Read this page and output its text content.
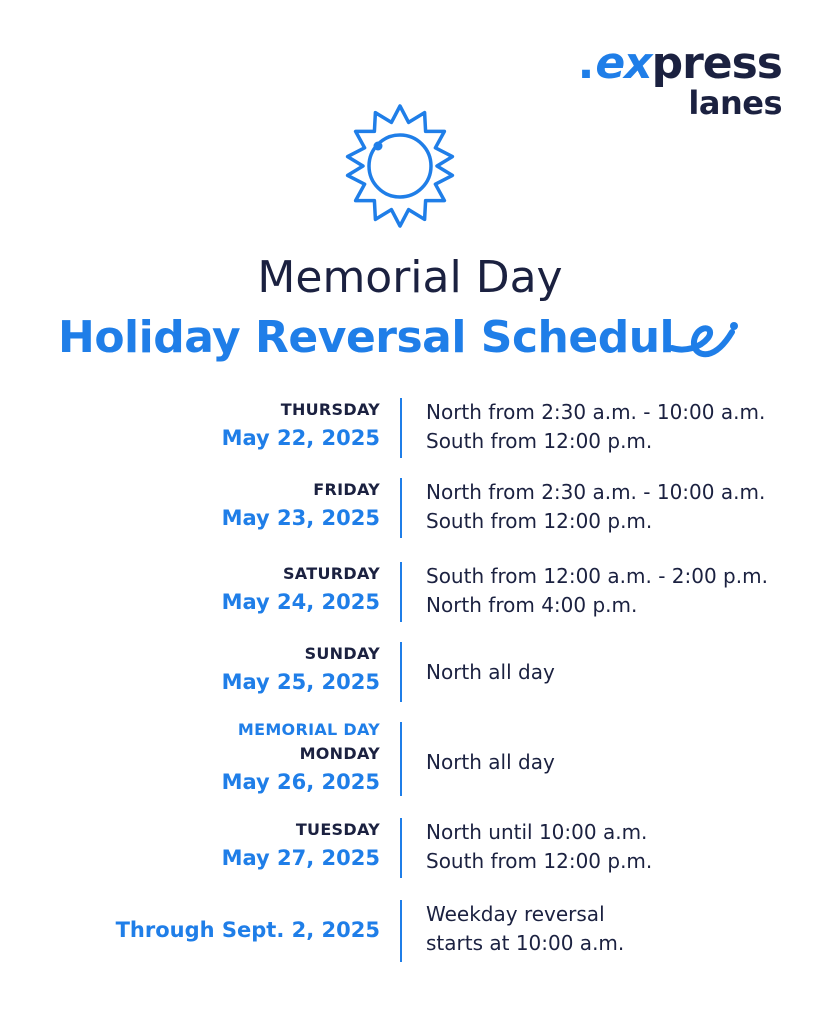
. ex press
lanes
Memorial Day
Holiday Reversal Schedul
THURSDAY
May 22, 2025
North from 2:30 a.m. - 10:00 a.m.
South from 12:00 p.m.
FRIDAY
May 23, 2025
North from 2:30 a.m. - 10:00 a.m.
South from 12:00 p.m.
SATURDAY
May 24, 2025
South from 12:00 a.m. - 2:00 p.m.
North from 4:00 p.m.
SUNDAY
May 25, 2025 North all day
MEMORIAL DAY
MONDAY
May 26, 2025
North all day
TUESDAY
May 27, 2025
North until 10:00 a.m.
South from 12:00 p.m.
Through Sept. 2, 2025
Weekday reversal
starts at 10:00 a.m.
